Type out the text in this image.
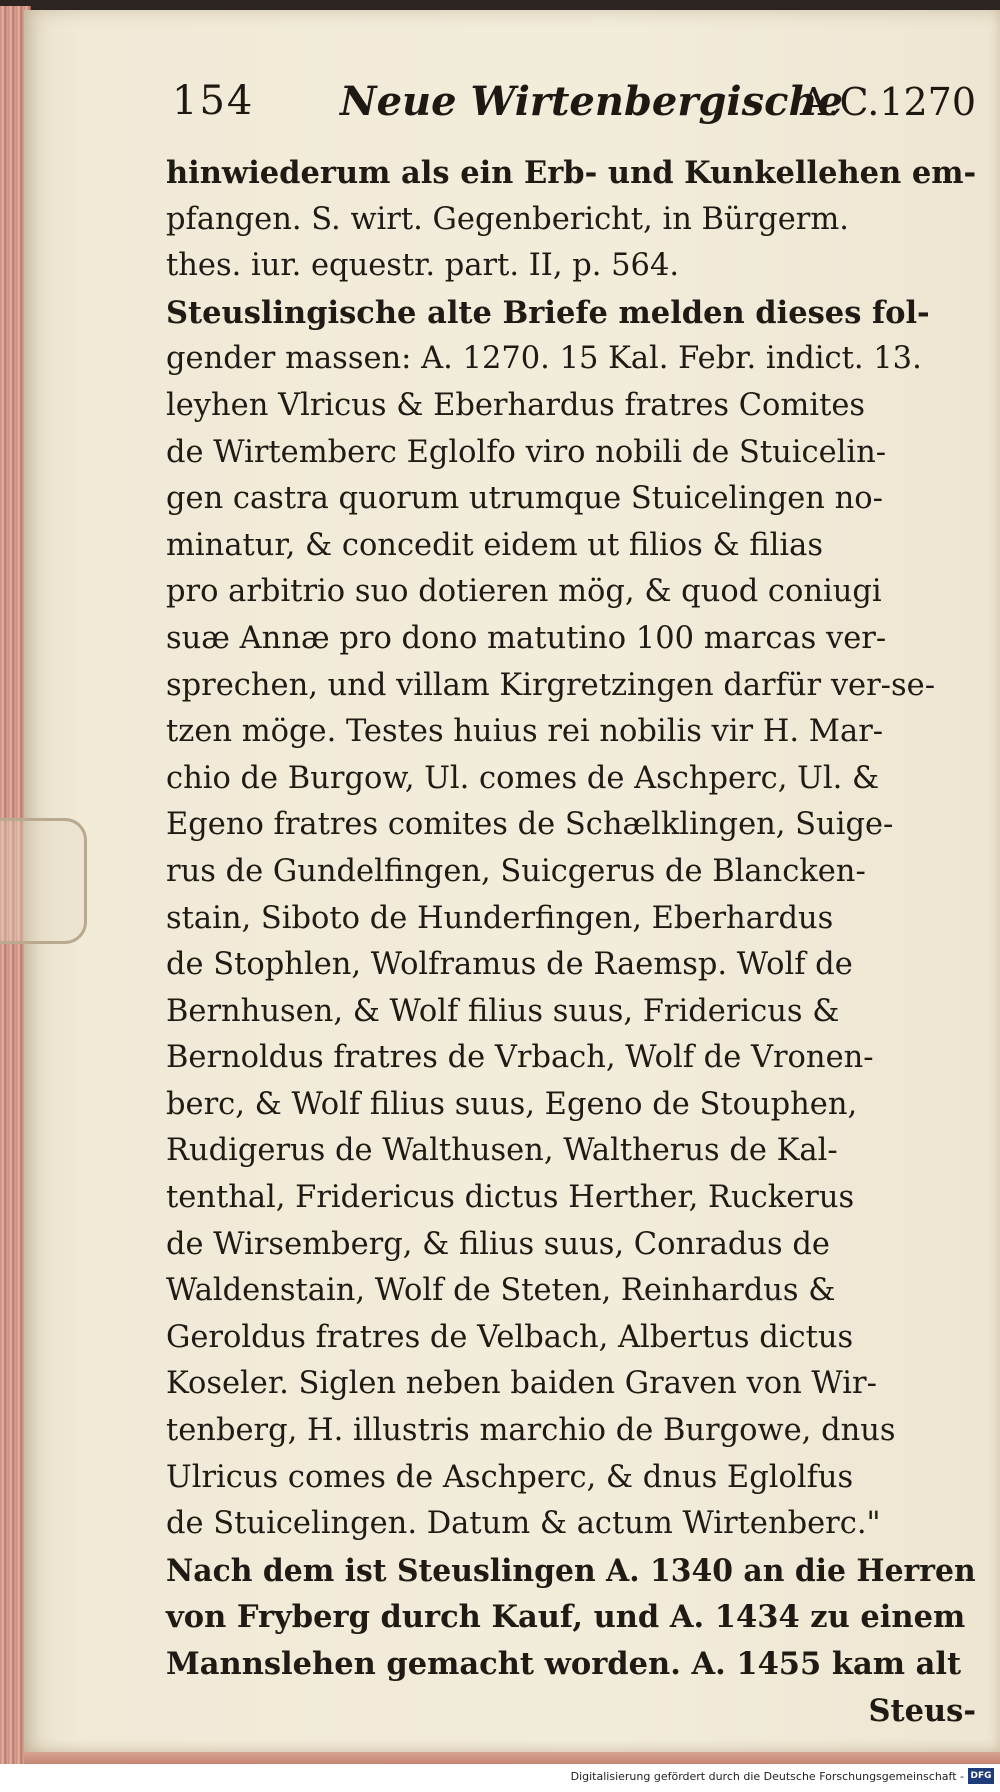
154 Neue Wirtenbergische
A.C.1270
hinwiederum als ein Erb- und Kunkellehen em-
pfangen. S. wirt. Gegenbericht, in Bürgerm.
thes. iur. equestr. part. II, p. 564.
Steuslingische alte Briefe melden dieses fol-
gender massen: A. 1270. 15 Kal. Febr. indict. 13.
leyhen Vlricus & Eberhardus fratres Comites
de Wirtemberc Eglolfo viro nobili de Stuicelin-
gen castra quorum utrumque Stuicelingen no-
minatur, & concedit eidem ut filios & filias
pro arbitrio suo dotieren mög, & quod coniugi
suæ Annæ pro dono matutino 100 marcas ver-
sprechen, und villam Kirgretzingen darfür ver-se-
tzen möge. Testes huius rei nobilis vir H. Mar-
chio de Burgow, Ul. comes de Aschperc, Ul. &
Egeno fratres comites de Schælklingen, Suige-
rus de Gundelfingen, Suicgerus de Blancken-
stain, Siboto de Hunderfingen, Eberhardus
de Stophlen, Wolframus de Raemsp. Wolf de
Bernhusen, & Wolf filius suus, Fridericus &
Bernoldus fratres de Vrbach, Wolf de Vronen-
berc, & Wolf filius suus, Egeno de Stouphen,
Rudigerus de Walthusen, Waltherus de Kal-
tenthal, Fridericus dictus Herther, Ruckerus
de Wirsemberg, & filius suus, Conradus de
Waldenstain, Wolf de Steten, Reinhardus &
Geroldus fratres de Velbach, Albertus dictus
Koseler. Siglen neben baiden Graven von Wir-
tenberg, H. illustris marchio de Burgowe, dnus
Ulricus comes de Aschperc, & dnus Eglolfus
de Stuicelingen. Datum & actum Wirtenberc."
Nach dem ist Steuslingen A. 1340 an die Herren
von Fryberg durch Kauf, und A. 1434 zu einem
Mannslehen gemacht worden. A. 1455 kam alt
Steus-
Digitalisierung gefördert durch die Deutsche Forschungsgemeinschaft - DFG
